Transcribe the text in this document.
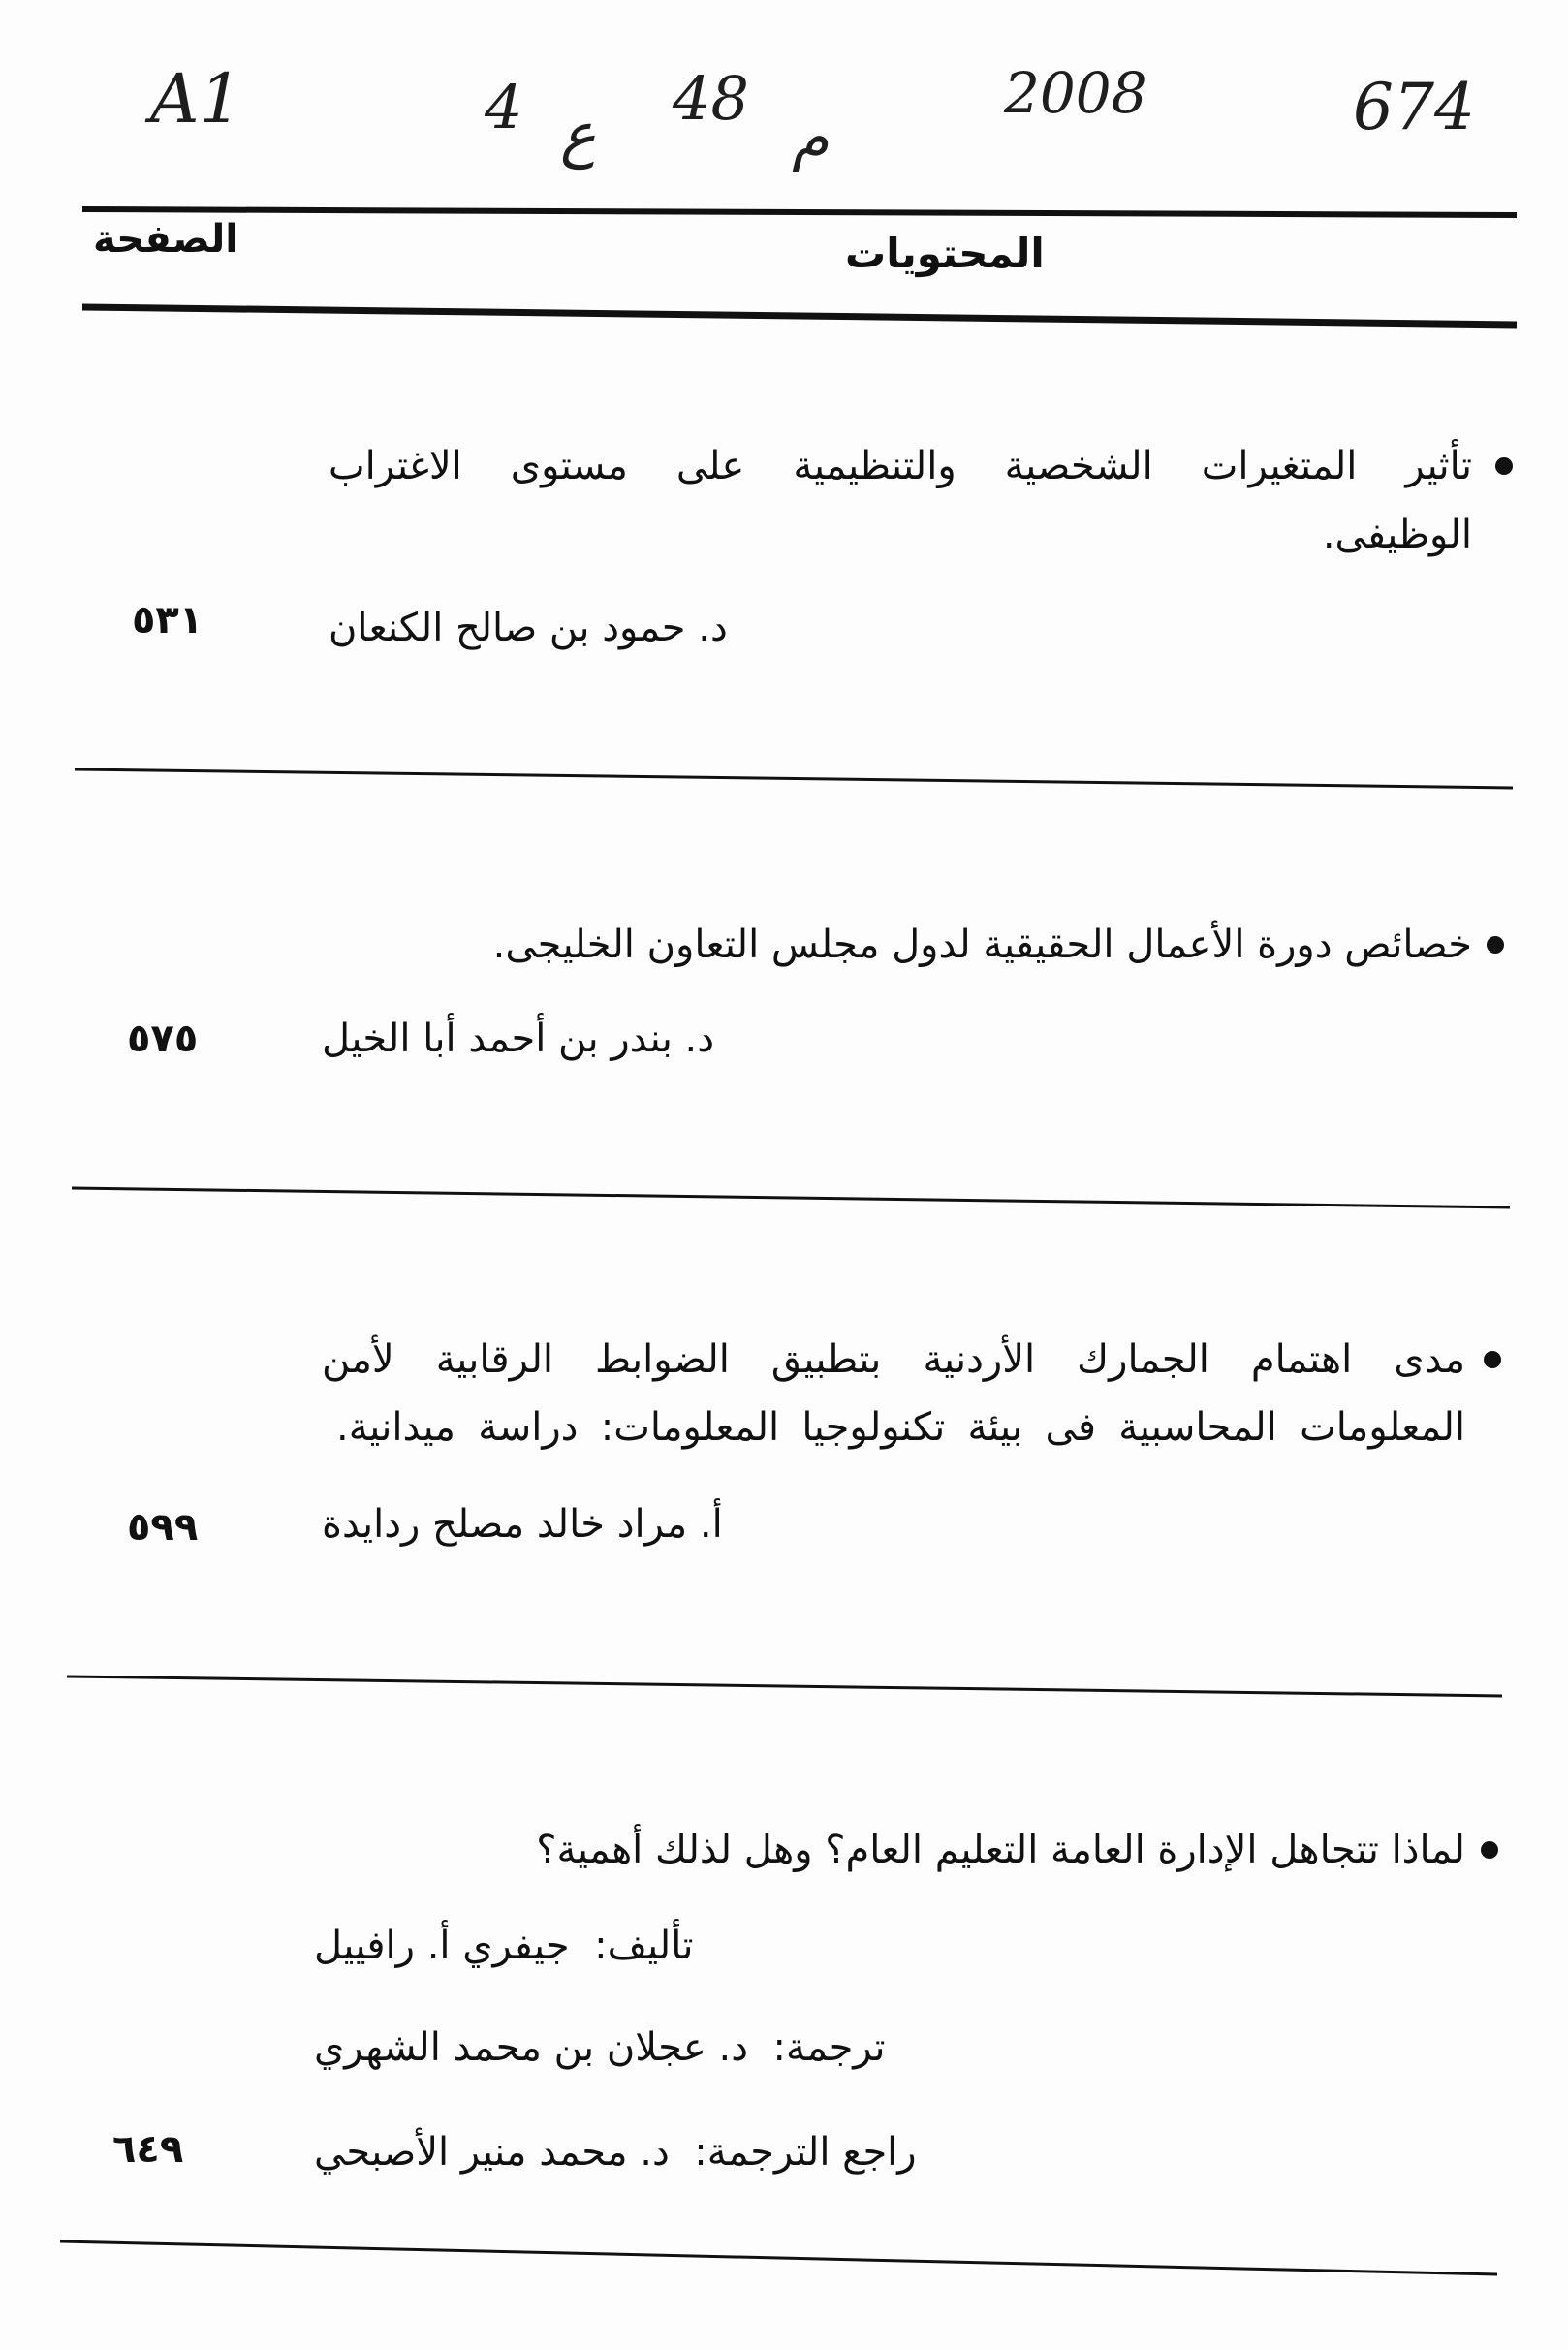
A1	4 ع
48
م
2008	674
الصفحة	المحتويات
تأثير المتغيرات الشخصية والتنظيمية على مستوى الاغتراب
الوظيفى.
د. حمود بن صالح الكنعان
٥٣١
خصائص دورة الأعمال الحقيقية لدول مجلس التعاون الخليجى.
د. بندر بن أحمد أبا الخيل
٥٧٥
مدى اهتمام الجمارك الأردنية بتطبيق الضوابط الرقابية لأمن
المعلومات المحاسبية فى بيئة تكنولوجيا المعلومات: دراسة ميدانية.
أ. مراد خالد مصلح ردايدة
٥٩٩
لماذا تتجاهل الإدارة العامة التعليم العام؟ وهل لذلك أهمية؟
تأليف:  جيفري أ. رافييل
ترجمة:  د. عجلان بن محمد الشهري
راجع الترجمة:  د. محمد منير الأصبحي
٦٤٩
